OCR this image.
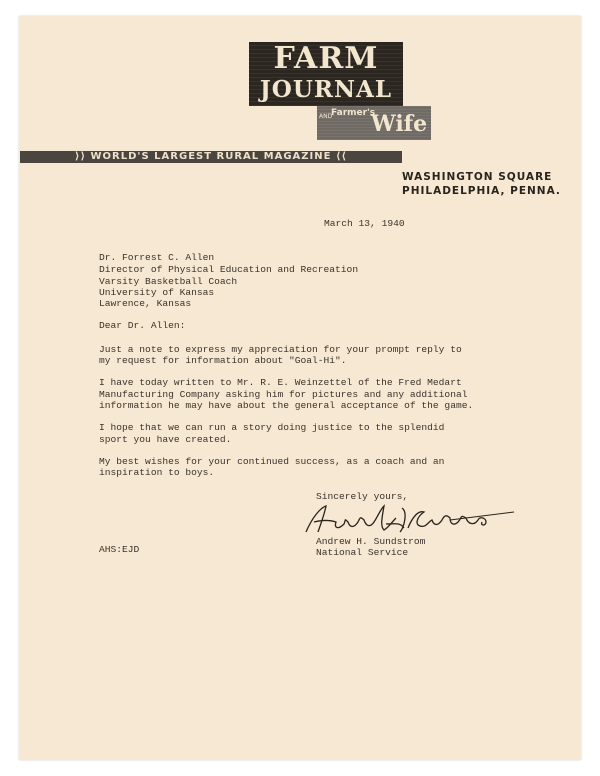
FARM
JOURNAL
AND
Farmer's
Wife
⟩⟩ WORLD'S LARGEST RURAL MAGAZINE ⟨⟨
WASHINGTON SQUARE
PHILADELPHIA, PENNA.
March 13, 1940
Dr. Forrest C. Allen
Director of Physical Education and Recreation
Varsity Basketball Coach
University of Kansas
Lawrence, Kansas
Dear Dr. Allen:
Just a note to express my appreciation for your prompt reply to
my request for information about "Goal-Hi".
I have today written to Mr. R. E. Weinzettel of the Fred Medart
Manufacturing Company asking him for pictures and any additional
information he may have about the general acceptance of the game.
I hope that we can run a story doing justice to the splendid
sport you have created.
My best wishes for your continued success, as a coach and an
inspiration to boys.
Sincerely yours,
Andrew H. Sundstrom
National Service
AHS:EJD
